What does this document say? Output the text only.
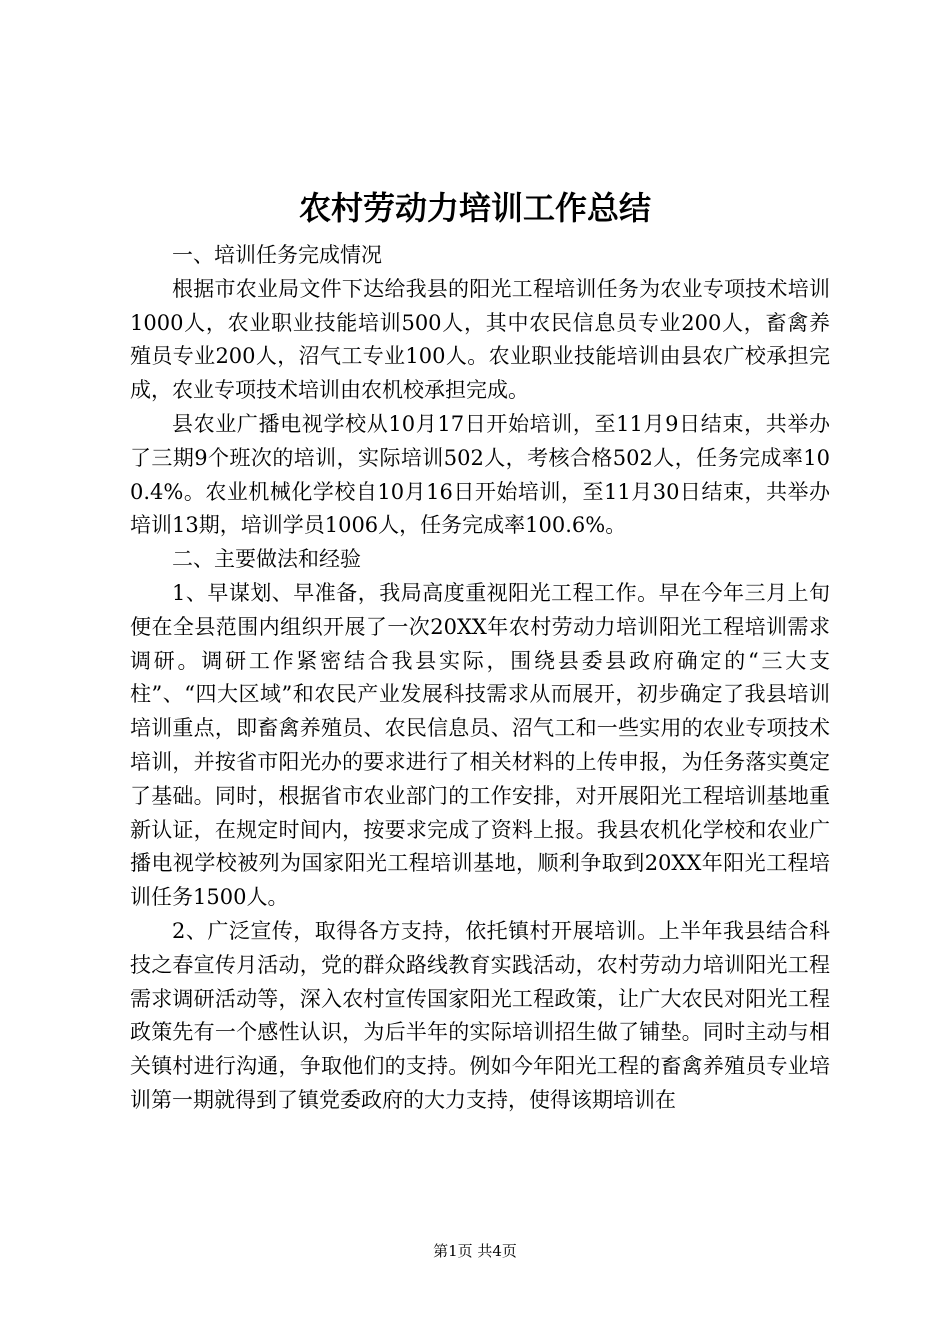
农村劳动力培训工作总结

一、培训任务完成情况

根据市农业局文件下达给我县的阳光工程培训任务为农业专项技术培训1000人，农业职业技能培训500人，其中农民信息员专业200人，畜禽养殖员专业200人，沼气工专业100人。农业职业技能培训由县农广校承担完成，农业专项技术培训由农机校承担完成。

县农业广播电视学校从10月17日开始培训，至11月9日结束，共举办了三期9个班次的培训，实际培训502人，考核合格502人，任务完成率100.4%。农业机械化学校自10月16日开始培训，至11月30日结束，共举办培训13期，培训学员1006人，任务完成率100.6%。

二、主要做法和经验

1、早谋划、早准备，我局高度重视阳光工程工作。早在今年三月上旬便在全县范围内组织开展了一次20XX年农村劳动力培训阳光工程培训需求调研。调研工作紧密结合我县实际，围绕县委县政府确定的“三大支柱”、“四大区域”和农民产业发展科技需求从而展开，初步确定了我县培训培训重点，即畜禽养殖员、农民信息员、沼气工和一些实用的农业专项技术培训，并按省市阳光办的要求进行了相关材料的上传申报，为任务落实奠定了基础。同时，根据省市农业部门的工作安排，对开展阳光工程培训基地重新认证，在规定时间内，按要求完成了资料上报。我县农机化学校和农业广播电视学校被列为国家阳光工程培训基地，顺利争取到20XX年阳光工程培训任务1500人。

2、广泛宣传，取得各方支持，依托镇村开展培训。上半年我县结合科技之春宣传月活动，党的群众路线教育实践活动，农村劳动力培训阳光工程需求调研活动等，深入农村宣传国家阳光工程政策，让广大农民对阳光工程政策先有一个感性认识，为后半年的实际培训招生做了铺垫。同时主动与相关镇村进行沟通，争取他们的支持。例如今年阳光工程的畜禽养殖员专业培训第一期就得到了镇党委政府的大力支持，使得该期培训在

第1页 共4页
